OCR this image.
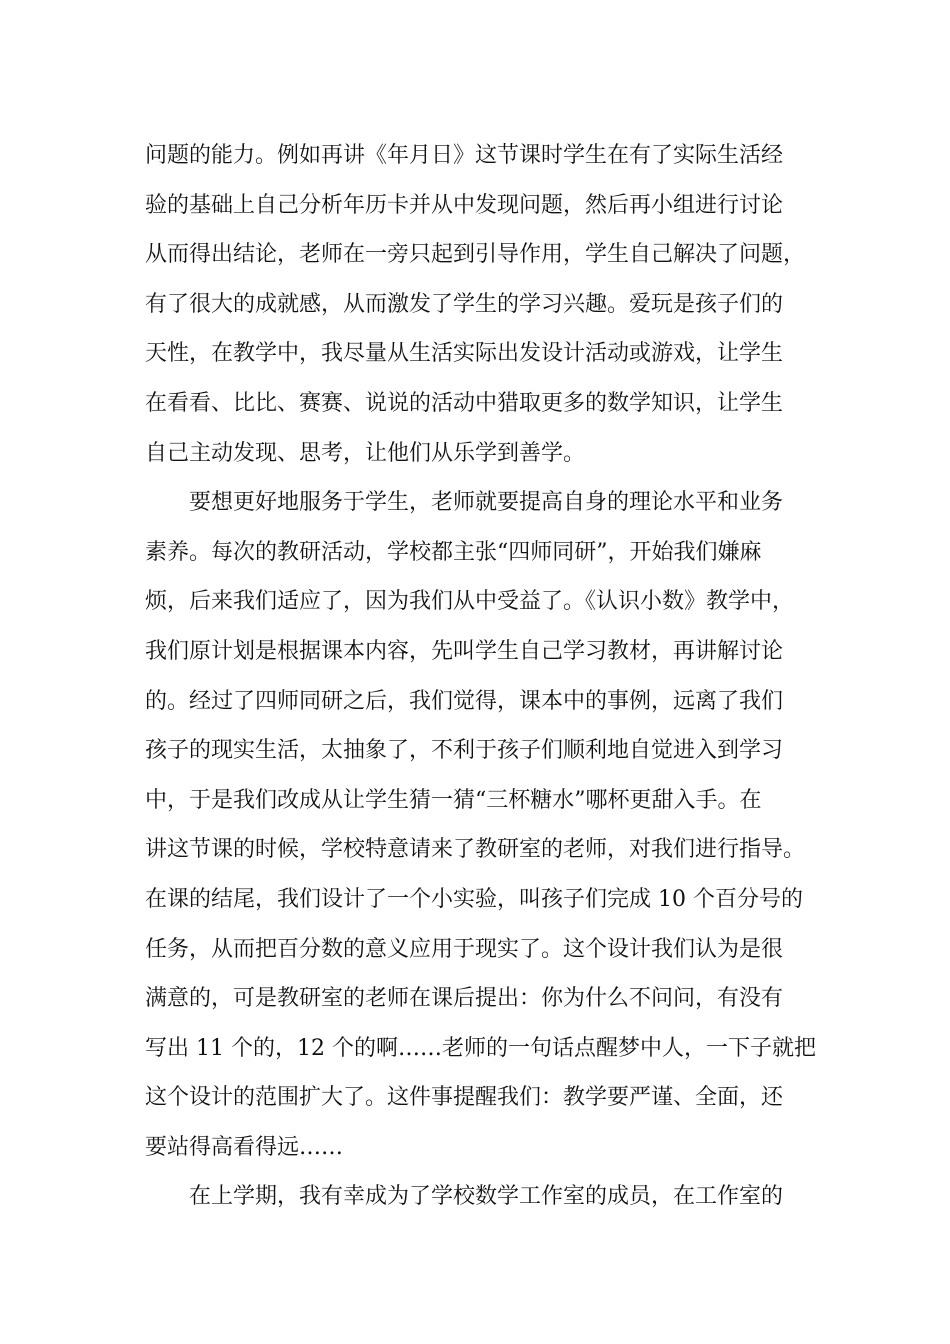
问题的能力。例如再讲《年月日》这节课时学生在有了实际生活经
验的基础上自己分析年历卡并从中发现问题，然后再小组进行讨论
从而得出结论，老师在一旁只起到引导作用，学生自己解决了问题，
有了很大的成就感，从而激发了学生的学习兴趣。爱玩是孩子们的
天性，在教学中，我尽量从生活实际出发设计活动或游戏，让学生
在看看、比比、赛赛、说说的活动中猎取更多的数学知识，让学生
自己主动发现、思考，让他们从乐学到善学。
要想更好地服务于学生，老师就要提高自身的理论水平和业务
素养。每次的教研活动，学校都主张“四师同研”，开始我们嫌麻
烦，后来我们适应了，因为我们从中受益了。《认识小数》教学中，
我们原计划是根据课本内容，先叫学生自己学习教材，再讲解讨论
的。经过了四师同研之后，我们觉得，课本中的事例，远离了我们
孩子的现实生活，太抽象了，不利于孩子们顺利地自觉进入到学习
中，于是我们改成从让学生猜一猜“三杯糖水”哪杯更甜入手。在
讲这节课的时候，学校特意请来了教研室的老师，对我们进行指导。
在课的结尾，我们设计了一个小实验，叫孩子们完成 10 个百分号的
任务，从而把百分数的意义应用于现实了。这个设计我们认为是很
满意的，可是教研室的老师在课后提出：你为什么不问问，有没有
写出 11 个的，12 个的啊……老师的一句话点醒梦中人，一下子就把
这个设计的范围扩大了。这件事提醒我们：教学要严谨、全面，还
要站得高看得远……
在上学期，我有幸成为了学校数学工作室的成员，在工作室的
